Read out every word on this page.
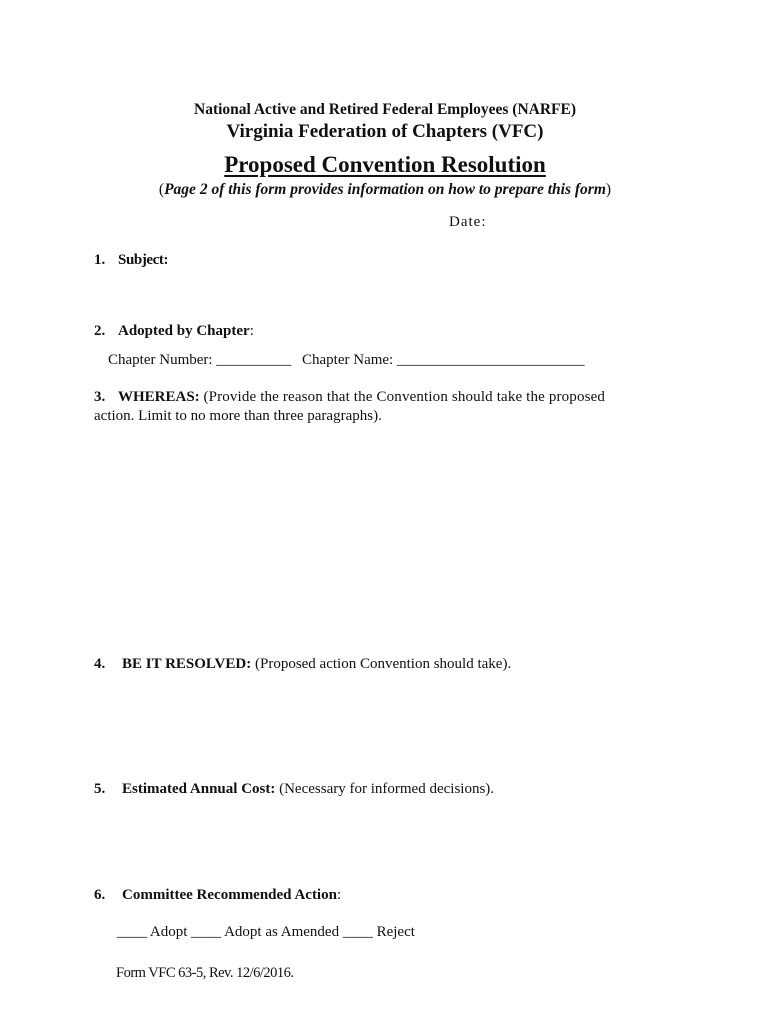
National Active and Retired Federal Employees (NARFE)
Virginia Federation of Chapters (VFC)
Proposed Convention Resolution
(Page 2 of this form provides information on how to prepare this form)
Date:
1. Subject:
2. Adopted by Chapter:
Chapter Number: __________ Chapter Name: _________________________
3. WHEREAS: (Provide the reason that the Convention should take the proposed
action. Limit to no more than three paragraphs).
4. BE IT RESOLVED: (Proposed action Convention should take).
5. Estimated Annual Cost: (Necessary for informed decisions).
6. Committee Recommended Action:
____ Adopt ____ Adopt as Amended ____ Reject
Form VFC 63-5, Rev. 12/6/2016.
